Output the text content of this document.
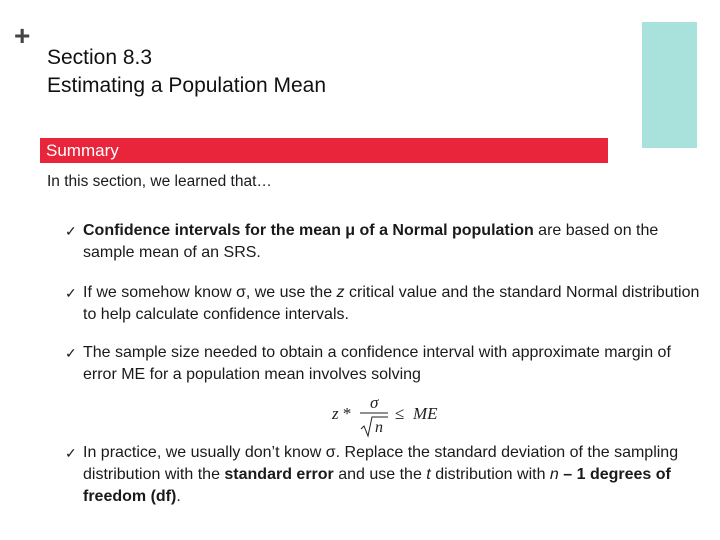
+
Section 8.3
Estimating a Population Mean
Summary
In this section, we learned that…
✓ Confidence intervals for the mean μ of a Normal population are based on the sample mean of an SRS.
✓ If we somehow know σ, we use the z critical value and the standard Normal distribution to help calculate confidence intervals.
✓ The sample size needed to obtain a confidence interval with approximate margin of error ME for a population mean involves solving
z *
σ
n
≤ ME
✓ In practice, we usually don’t know σ. Replace the standard deviation of the sampling distribution with the standard error and use the t distribution with n – 1 degrees of freedom (df).
